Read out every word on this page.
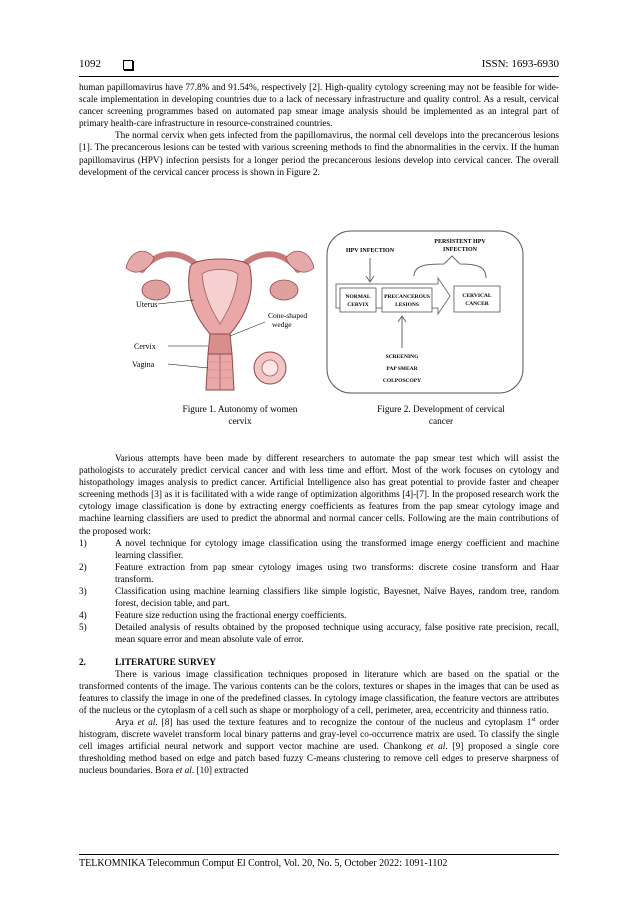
1092	ISSN: 1693-6930

human papillomavirus have 77.8% and 91.54%, respectively [2]. High-quality cytology screening may not be feasible for wide-scale implementation in developing countries due to a lack of necessary infrastructure and quality control. As a result, cervical cancer screening programmes based on automated pap smear image analysis should be implemented as an integral part of primary health-care infrastructure in resource-constrained countries.

The normal cervix when gets infected from the papillomavirus, the normal cell develops into the precancerous lesions [1]. The precancerous lesions can be tested with various screening methods to find the abnormalities in the cervix. If the human papillomavirus (HPV) infection persists for a longer period the precancerous lesions develop into cervical cancer. The overall development of the cervical cancer process is shown in Figure 2.

Uterus
Cone-shaped
wedge
Cervix
Vagina
PERSISTENT HPV
INFECTION
HPV INFECTION
NORMAL
CERVIX
PRECANCEROUS
LESIONS
CERVICAL
CANCER
SCREENING
PAP SMEAR
COLPOSCOPY
Figure 1. Autonomy of women
cervix
Figure 2. Development of cervical
cancer

Various attempts have been made by different researchers to automate the pap smear test which will assist the pathologists to accurately predict cervical cancer and with less time and effort. Most of the work focuses on cytology and histopathology images analysis to predict cancer. Artificial Intelligence also has great potential to provide faster and cheaper screening methods [3] as it is facilitated with a wide range of optimization algorithms [4]-[7]. In the proposed research work the cytology image classification is done by extracting energy coefficients as features from the pap smear cytology image and machine learning classifiers are used to predict the abnormal and normal cancer cells. Following are the main contributions of the proposed work:

1)	A novel technique for cytology image classification using the transformed image energy coefficient and machine learning classifier.
2)	Feature extraction from pap smear cytology images using two transforms: discrete cosine transform and Haar transform.
3)	Classification using machine learning classifiers like simple logistic, Bayesnet, Naïve Bayes, random tree, random forest, decision table, and part.
4)	Feature size reduction using the fractional energy coefficients.
5)	Detailed analysis of results obtained by the proposed technique using accuracy, false positive rate precision, recall, mean square error and mean absolute vale of error.

2.	LITERATURE SURVEY

There is various image classification techniques proposed in literature which are based on the spatial or the transformed contents of the image. The various contents can be the colors, textures or shapes in the images that can be used as features to classify the image in one of the predefined classes. In cytology image classification, the feature vectors are attributes of the nucleus or the cytoplasm of a cell such as shape or morphology of a cell, perimeter, area, eccentricity and thinness ratio.

Arya et al. [8] has used the texture features and to recognize the contour of the nucleus and cytoplasm 1st order histogram, discrete wavelet transform local binary patterns and gray-level co-occurrence matrix are used. To classify the single cell images artificial neural network and support vector machine are used. Chankong et al. [9] proposed a single core thresholding method based on edge and patch based fuzzy C-means clustering to remove cell edges to preserve sharpness of nucleus boundaries. Bora et al. [10] extracted

TELKOMNIKA Telecommun Comput El Control, Vol. 20, No. 5, October 2022: 1091-1102
